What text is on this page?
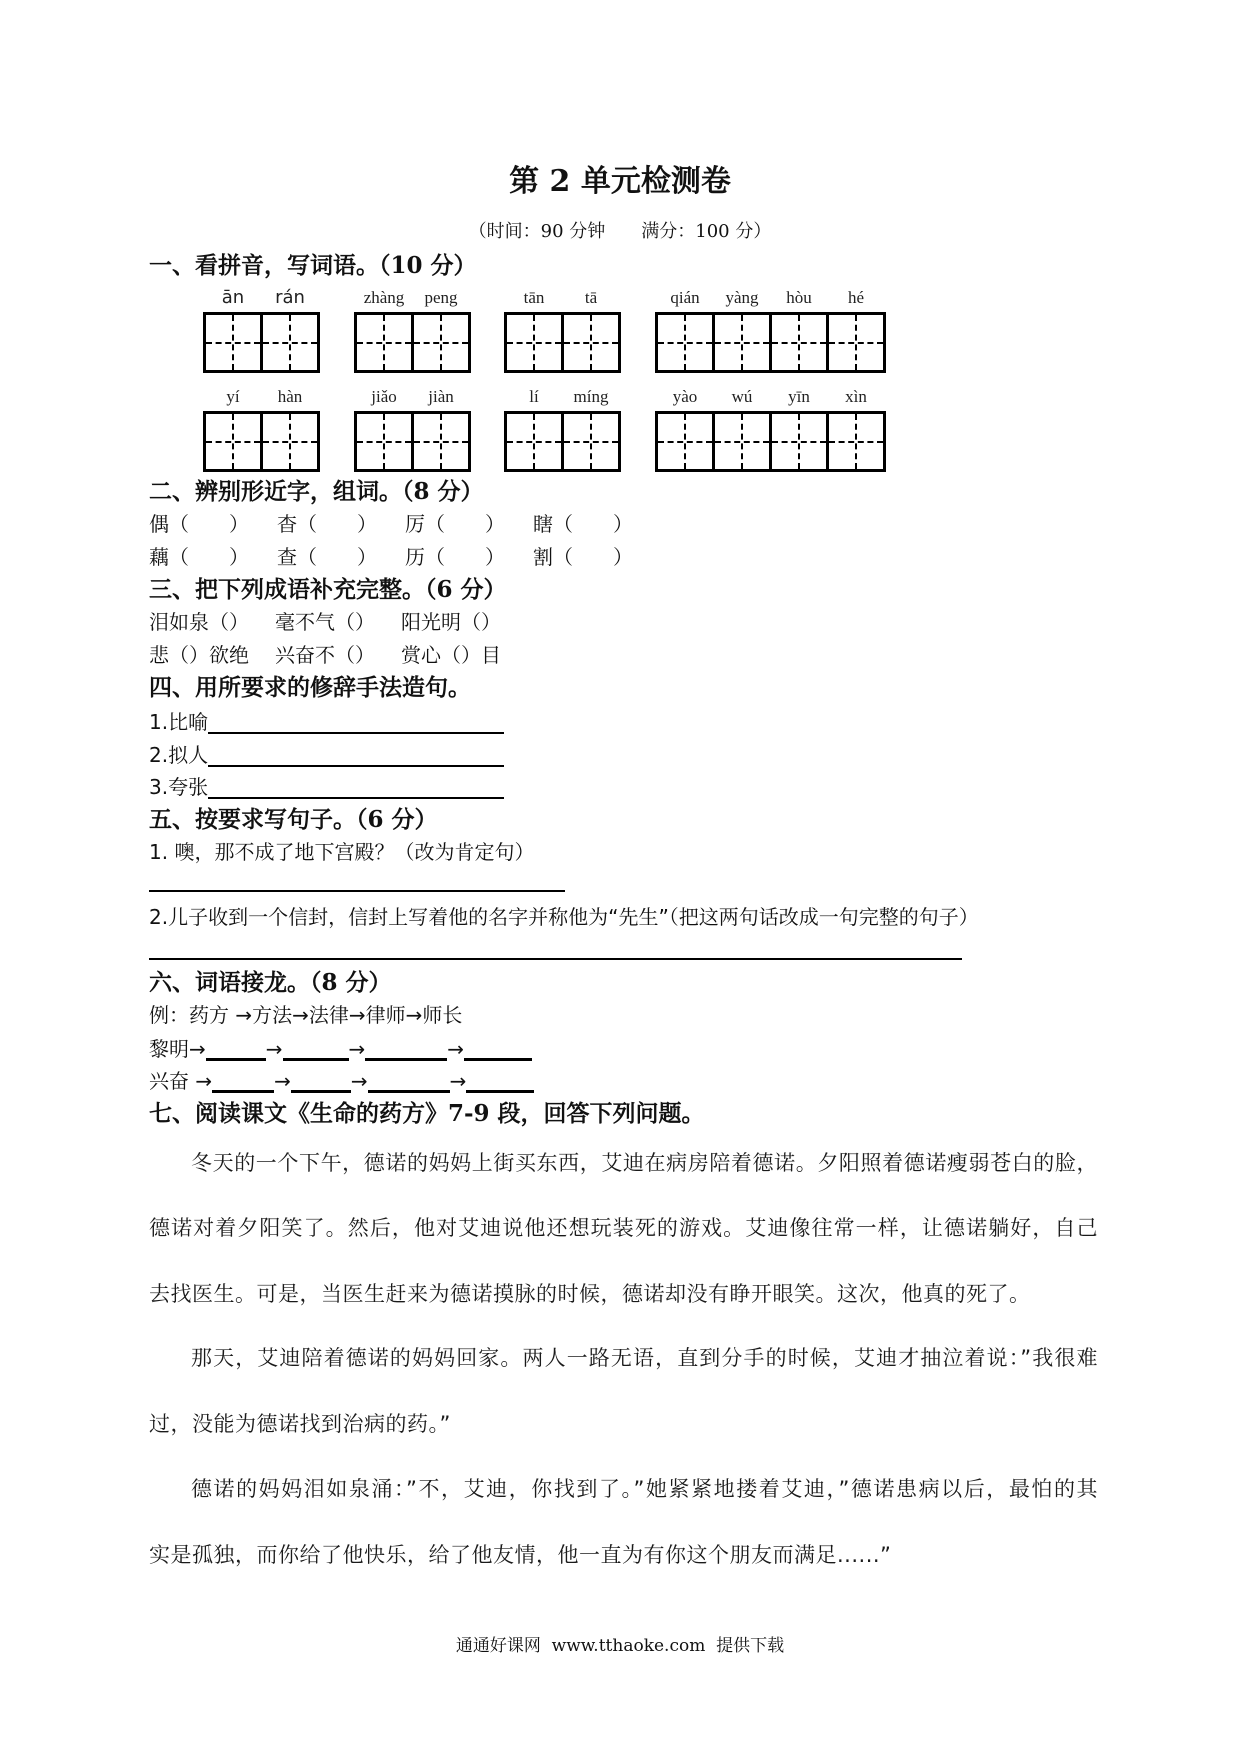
第 2 单元检测卷
（时间：90 分钟　　满分：100 分）
一、看拼音，写词语。（10 分）
ān	rán	zhàng	peng	tān	tā	qián	yàng	hòu	hé
yí	hàn	jiǎo	jiàn	lí	míng	yào	wú	yīn	xìn
二、辨别形近字，组词。（8 分）
偶（　　） 杳（　　） 厉（　　） 瞎（　　）
藕（　　） 查（　　） 历（　　） 割（　　）
三、把下列成语补充完整。（6 分）
泪如泉（） 毫不气（） 阳光明（）
悲（）欲绝 兴奋不（） 赏心（）目
四、用所要求的修辞手法造句。
1.比喻
2.拟人
3.夸张
五、按要求写句子。（6 分）
1. 噢，那不成了地下宫殿？（改为肯定句）
2.儿子收到一个信封，信封上写着他的名字并称他为“先生”（把这两句话改成一句完整的句子）
六、词语接龙。（8 分）
例：药方 →方法→法律→律师→师长
黎明→	→	→	→
兴奋 →	→	→	→
七、阅读课文《生命的药方》7-9 段，回答下列问题。
冬天的一个下午，德诺的妈妈上街买东西，艾迪在病房陪着德诺。夕阳照着德诺瘦弱苍白的脸，
德诺对着夕阳笑了。然后，他对艾迪说他还想玩装死的游戏。艾迪像往常一样，让德诺躺好，自己
去找医生。可是，当医生赶来为德诺摸脉的时候，德诺却没有睁开眼笑。这次，他真的死了。
那天，艾迪陪着德诺的妈妈回家。两人一路无语，直到分手的时候，艾迪才抽泣着说：”我很难
过，没能为德诺找到治病的药。”
德诺的妈妈泪如泉涌：”不，艾迪，你找到了。”她紧紧地搂着艾迪，”德诺患病以后，最怕的其
实是孤独，而你给了他快乐，给了他友情，他一直为有你这个朋友而满足......”
通通好课网  www.tthaoke.com  提供下载
